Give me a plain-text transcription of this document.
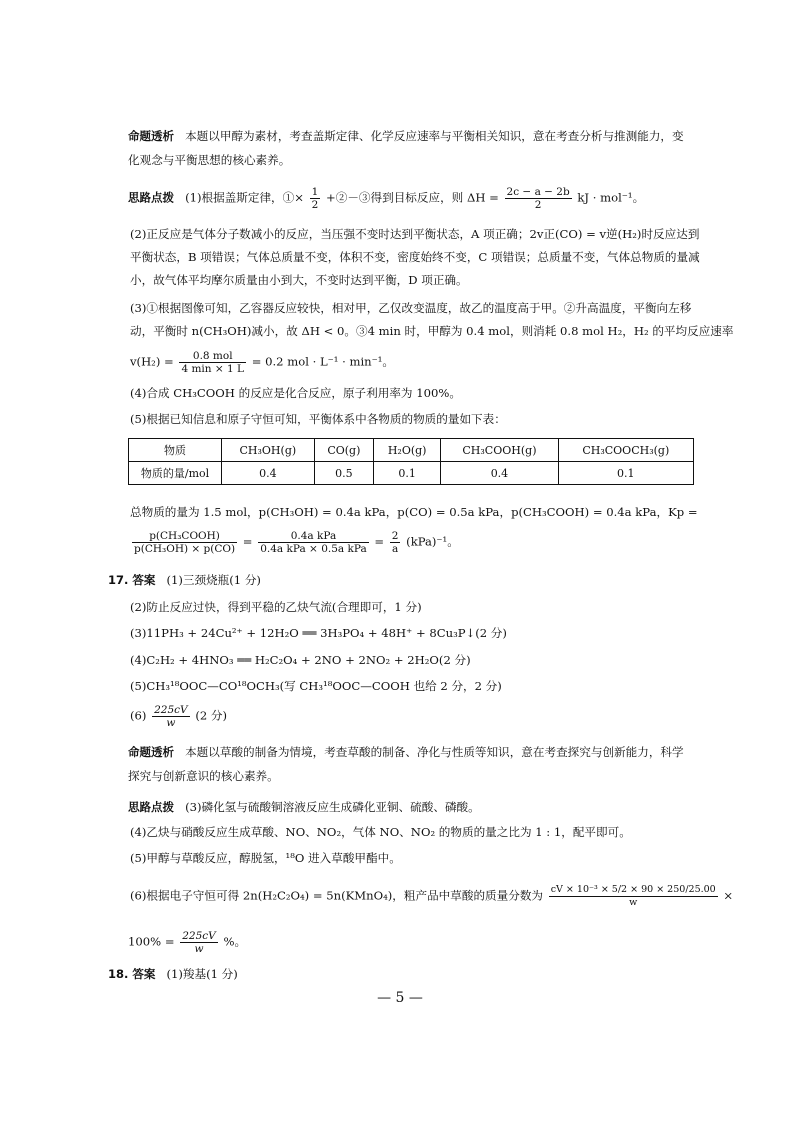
命题透析 本题以甲醇为素材，考查盖斯定律、化学反应速率与平衡相关知识，意在考查分析与推测能力，变
化观念与平衡思想的核心素养。
思路点拨 (1)根据盖斯定律，①× $\frac{1}{2}$ +②－③得到目标反应，则 $\Delta H = \frac{2c - a - 2b}{2}$ kJ · mol⁻¹。
(2)正反应是气体分子数减小的反应，当压强不变时达到平衡状态，A 项正确；2v正(CO) = v逆(H₂)时反应达到
平衡状态，B 项错误；气体总质量不变，体积不变，密度始终不变，C 项错误；总质量不变，气体总物质的量减
小，故气体平均摩尔质量由小到大，不变时达到平衡，D 项正确。
(3)①根据图像可知，乙容器反应较快，相对甲，乙仅改变温度，故乙的温度高于甲。②升高温度，平衡向左移
动，平衡时 n(CH₃OH)减小，故 ΔH < 0。③4 min 时，甲醇为 0.4 mol，则消耗 0.8 mol H₂，H₂ 的平均反应速率
$v(H_2) = \frac{\text{0.8 mol}}{4 \min \times 1 L} = 0.2$ mol · L⁻¹ · min⁻¹。
(4)合成 CH₃COOH 的反应是化合反应，原子利用率为 100%。
(5)根据已知信息和原子守恒可知，平衡体系中各物质的物质的量如下表：
物质	CH₃OH(g)	CO(g)	H₂O(g)	CH₃COOH(g)	CH₃COOCH₃(g)
物质的量/mol	0.4	0.5	0.1	0.4	0.1
总物质的量为 1.5 mol，p(CH₃OH) = 0.4a kPa，p(CO) = 0.5a kPa，p(CH₃COOH) = 0.4a kPa，Kp =
$\frac{\text{p(CH₃COOH)}}{\text{p(CH₃OH) × p(CO)}} = \frac{\text{0.4a kPa}}{\text{0.4a kPa × 0.5a kPa}} = \frac{2}{a} (kPa)^{-1}$。
17. 答案 (1)三颈烧瓶(1 分)
(2)防止反应过快，得到平稳的乙炔气流(合理即可，1 分)
(3)11PH₃ + 24Cu²⁺ + 12H₂O ══ 3H₃PO₄ + 48H⁺ + 8Cu₃P↓(2 分)
(4)C₂H₂ + 4HNO₃ ══ H₂C₂O₄ + 2NO + 2NO₂ + 2H₂O(2 分)
(5)CH₃¹⁸OOC—CO¹⁸OCH₃(写 CH₃¹⁸OOC—COOH 也给 2 分，2 分)
$(6) \frac{225cV}{w} (2$ 分)
命题透析 本题以草酸的制备为情境，考查草酸的制备、净化与性质等知识，意在考查探究与创新能力，科学
探究与创新意识的核心素养。
思路点拨 (3)磷化氢与硫酸铜溶液反应生成磷化亚铜、硫酸、磷酸。
(4)乙炔与硝酸反应生成草酸、NO、NO₂，气体 NO、NO₂ 的物质的量之比为 1 : 1，配平即可。
(5)甲醇与草酸反应，醇脱氢，¹⁸O 进入草酸甲酯中。
(6)根据电子守恒可得 2n(H₂C₂O₄) = 5n(KMnO₄)，粗产品中草酸的质量分数为 $\frac{\text{cV × 10⁻³ × 5/2 × 90 × 250/25.00}}{w}$ ×
$100\% = \frac{225cV}{w}$ %。
18. 答案 (1)羧基(1 分)
— 5 —
